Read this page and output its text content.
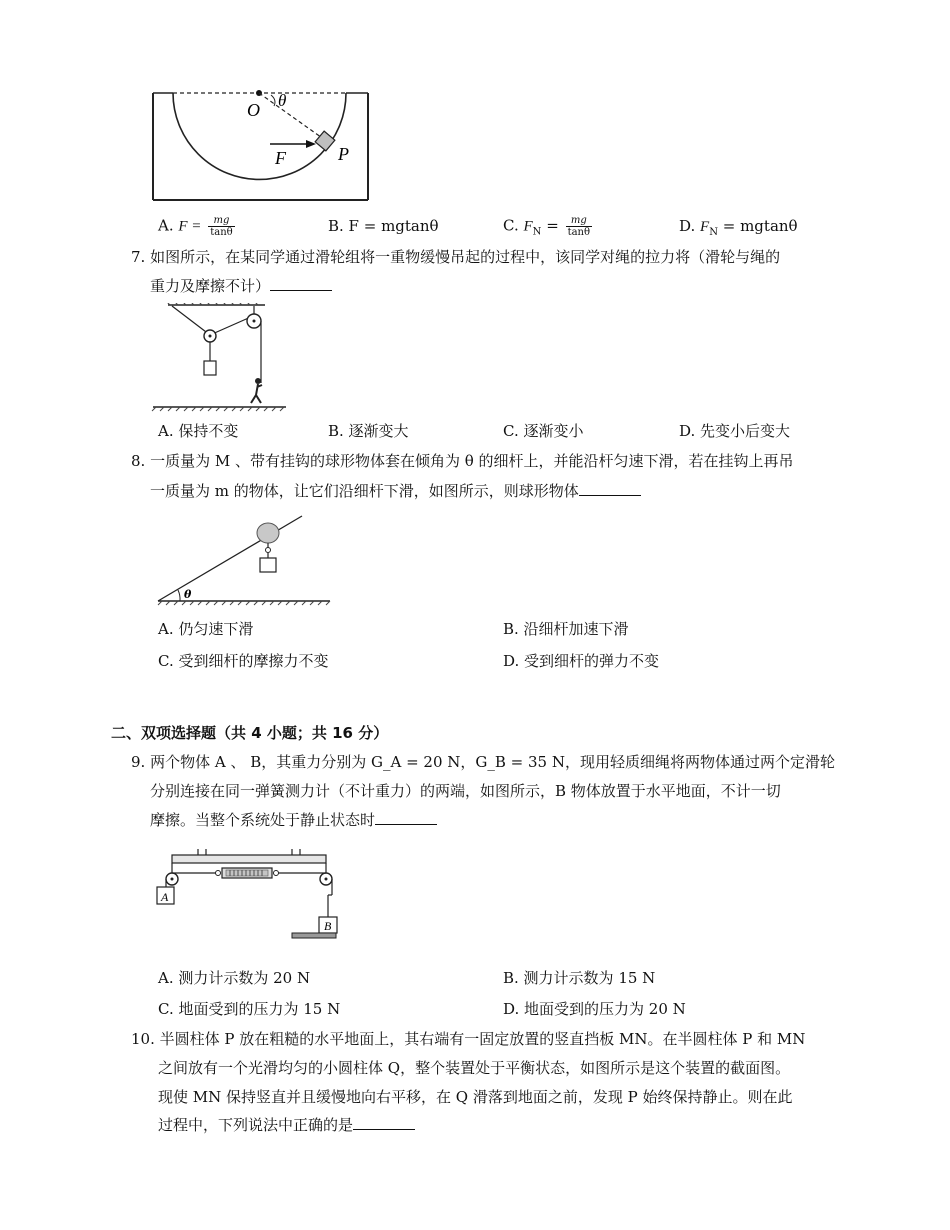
O θ
F	P
A. $F = \frac{mg}{\tan\theta}$	B. F = mgtanθ	C. $F_N = \frac{mg}{\tan\theta}$	D. $F_N = mgtan\theta$
7. 如图所示，在某同学通过滑轮组将一重物缓慢吊起的过程中，该同学对绳的拉力将（滑轮与绳的
重力及摩擦不计）
A. 保持不变	B. 逐渐变大	C. 逐渐变小	D. 先变小后变大
8. 一质量为 M 、带有挂钩的球形物体套在倾角为 θ 的细杆上，并能沿杆匀速下滑，若在挂钩上再吊
一质量为 m 的物体，让它们沿细杆下滑，如图所示，则球形物体
θ
A. 仍匀速下滑	B. 沿细杆加速下滑
C. 受到细杆的摩擦力不变	D. 受到细杆的弹力不变
二、双项选择题（共 4 小题；共 16 分）
9. 两个物体 A 、 B，其重力分别为 G_A = 20 N，G_B = 35 N，现用轻质细绳将两物体通过两个定滑轮
分别连接在同一弹簧测力计（不计重力）的两端，如图所示，B 物体放置于水平地面，不计一切
摩擦。当整个系统处于静止状态时
A
B
A. 测力计示数为 20 N	B. 测力计示数为 15 N
C. 地面受到的压力为 15 N	D. 地面受到的压力为 20 N
10. 半圆柱体 P 放在粗糙的水平地面上，其右端有一固定放置的竖直挡板 MN。在半圆柱体 P 和 MN
之间放有一个光滑均匀的小圆柱体 Q，整个装置处于平衡状态，如图所示是这个装置的截面图。
现使 MN 保持竖直并且缓慢地向右平移，在 Q 滑落到地面之前，发现 P 始终保持静止。则在此
过程中，下列说法中正确的是
